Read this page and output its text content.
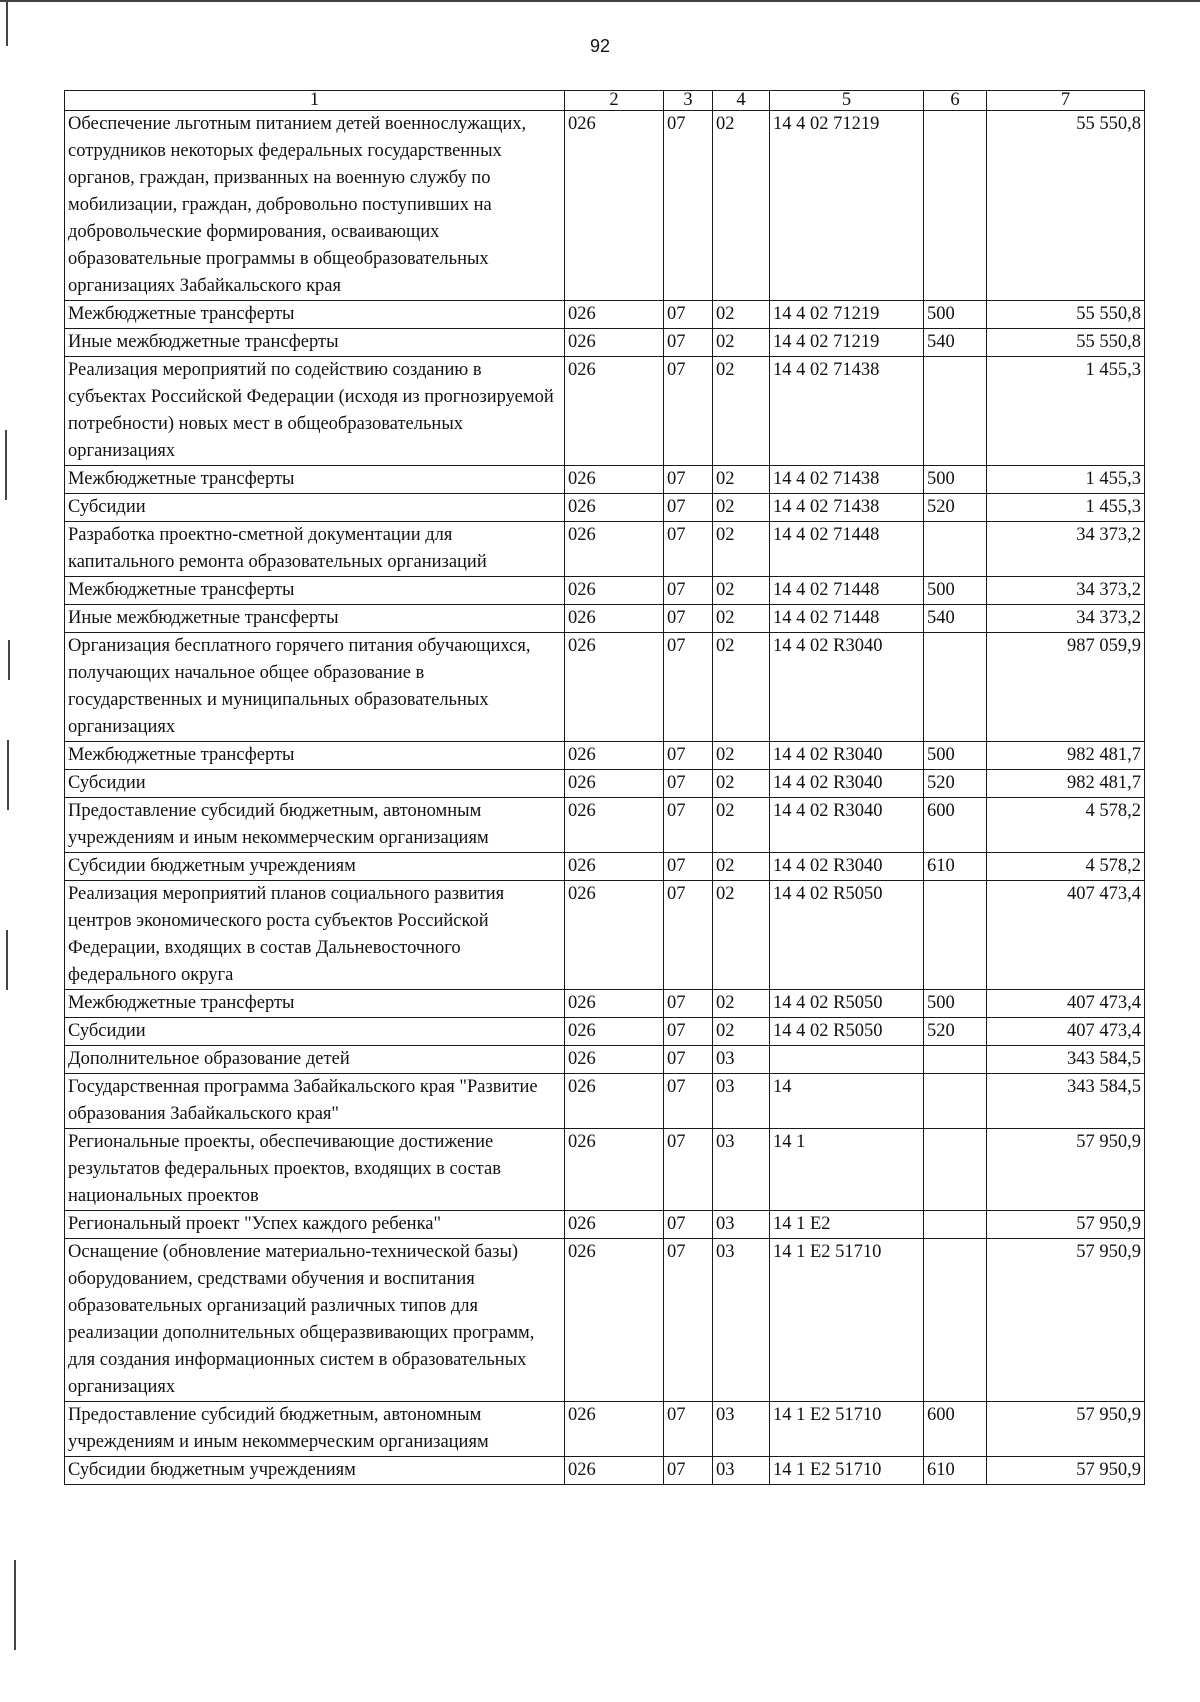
92
1	2	3	4	5	6	7
Обеспечение льготным питанием детей военнослужащих, сотрудников некоторых федеральных государственных органов, граждан, призванных на военную службу по мобилизации, граждан, добровольно поступивших на добровольческие формирования, осваивающих образовательные программы в общеобразовательных организациях Забайкальского края	026	07	02	14 4 02 71219		55 550,8
Межбюджетные трансферты	026	07	02	14 4 02 71219	500	55 550,8
Иные межбюджетные трансферты	026	07	02	14 4 02 71219	540	55 550,8
Реализация мероприятий по содействию созданию в субъектах Российской Федерации (исходя из прогнозируемой потребности) новых мест в общеобразовательных организациях	026	07	02	14 4 02 71438		1 455,3
Межбюджетные трансферты	026	07	02	14 4 02 71438	500	1 455,3
Субсидии	026	07	02	14 4 02 71438	520	1 455,3
Разработка проектно-сметной документации для капитального ремонта образовательных организаций	026	07	02	14 4 02 71448		34 373,2
Межбюджетные трансферты	026	07	02	14 4 02 71448	500	34 373,2
Иные межбюджетные трансферты	026	07	02	14 4 02 71448	540	34 373,2
Организация бесплатного горячего питания обучающихся, получающих начальное общее образование в государственных и муниципальных образовательных организациях	026	07	02	14 4 02 R3040		987 059,9
Межбюджетные трансферты	026	07	02	14 4 02 R3040	500	982 481,7
Субсидии	026	07	02	14 4 02 R3040	520	982 481,7
Предоставление субсидий бюджетным, автономным учреждениям и иным некоммерческим организациям	026	07	02	14 4 02 R3040	600	4 578,2
Субсидии бюджетным учреждениям	026	07	02	14 4 02 R3040	610	4 578,2
Реализация мероприятий планов социального развития центров экономического роста субъектов Российской Федерации, входящих в состав Дальневосточного федерального округа	026	07	02	14 4 02 R5050		407 473,4
Межбюджетные трансферты	026	07	02	14 4 02 R5050	500	407 473,4
Субсидии	026	07	02	14 4 02 R5050	520	407 473,4
Дополнительное образование детей	026	07	03			343 584,5
Государственная программа Забайкальского края "Развитие образования Забайкальского края"	026	07	03	14		343 584,5
Региональные проекты, обеспечивающие достижение результатов федеральных проектов, входящих в состав национальных проектов	026	07	03	14 1		57 950,9
Региональный проект "Успех каждого ребенка"	026	07	03	14 1 E2		57 950,9
Оснащение (обновление материально-технической базы) оборудованием, средствами обучения и воспитания образовательных организаций различных типов для реализации дополнительных общеразвивающих программ, для создания информационных систем в образовательных организациях	026	07	03	14 1 E2 51710		57 950,9
Предоставление субсидий бюджетным, автономным учреждениям и иным некоммерческим организациям	026	07	03	14 1 E2 51710	600	57 950,9
Субсидии бюджетным учреждениям	026	07	03	14 1 E2 51710	610	57 950,9
